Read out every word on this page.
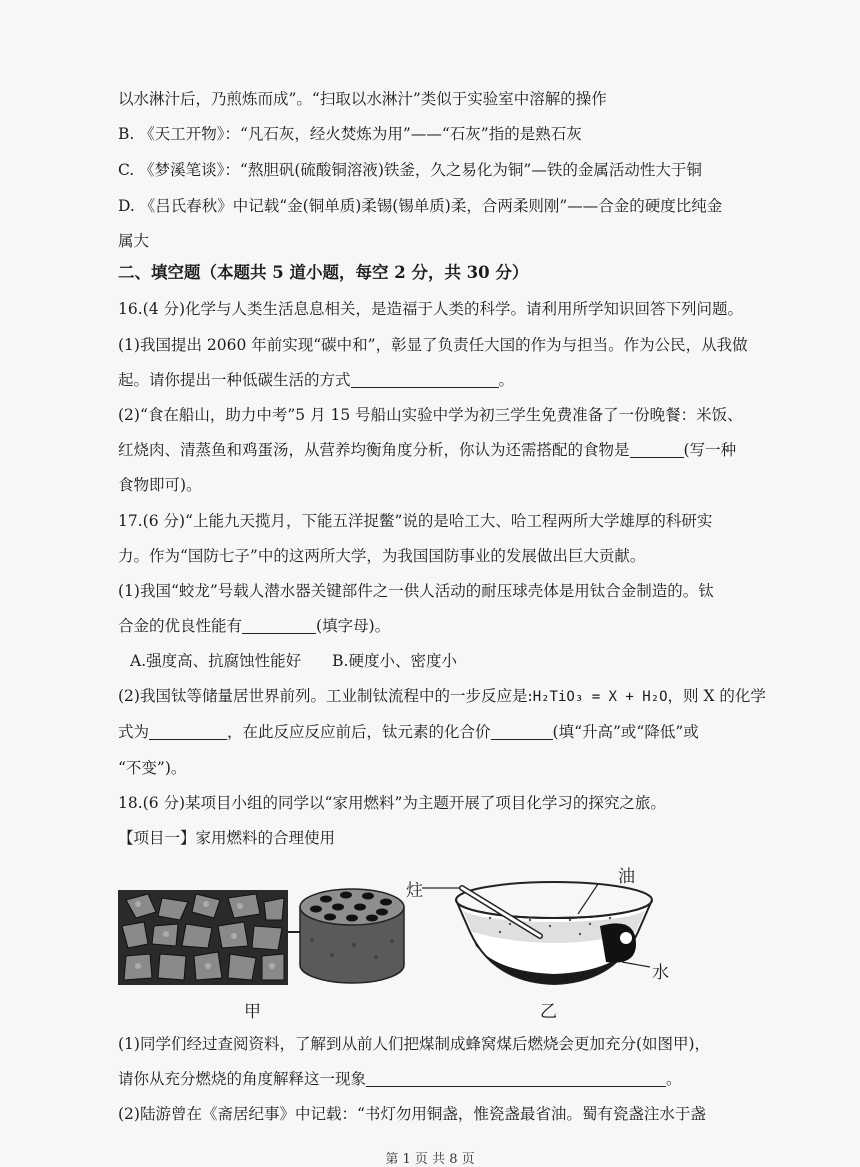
以水淋汁后，乃煎炼而成”。“扫取以水淋汁”类似于实验室中溶解的操作
B. 《天工开物》：“凡石灰，经火焚炼为用”——“石灰”指的是熟石灰
C. 《梦溪笔谈》：“熬胆矾(硫酸铜溶液)铁釜，久之易化为铜”—铁的金属活动性大于铜
D. 《吕氏春秋》中记载“金(铜单质)柔锡(锡单质)柔，合两柔则刚”——合金的硬度比纯金
属大
二、填空题（本题共 5 道小题，每空 2 分，共 30 分）
16.(4 分)化学与人类生活息息相关，是造福于人类的科学。请利用所学知识回答下列问题。
(1)我国提出 2060 年前实现“碳中和”，彰显了负责任大国的作为与担当。作为公民，从我做
起。请你提出一种低碳生活的方式	。
(2)“食在船山，助力中考”5 月 15 号船山实验中学为初三学生免费准备了一份晚餐：米饭、
红烧肉、清蒸鱼和鸡蛋汤，从营养均衡角度分析，你认为还需搭配的食物是	(写一种
食物即可)。
17.(6 分)“上能九天揽月，下能五洋捉鳖”说的是哈工大、哈工程两所大学雄厚的科研实
力。作为“国防七子”中的这两所大学，为我国国防事业的发展做出巨大贡献。
(1)我国“蛟龙”号载人潜水器关键部件之一供人活动的耐压球壳体是用钛合金制造的。钛
合金的优良性能有	(填字母)。
A.强度高、抗腐蚀性能好　　B.硬度小、密度小
(2)我国钛等储量居世界前列。工业制钛流程中的一步反应是:H₂TiO₃ = X + H₂O，则 X 的化学
式为	，在此反应反应前后，钛元素的化合价	(填“升高”或“降低”或
“不变”)。
18.(6 分)某项目小组的同学以“家用燃料”为主题开展了项目化学习的探究之旅。
【项目一】家用燃料的合理使用
炷
油
水
甲	乙
(1)同学们经过查阅资料，了解到从前人们把煤制成蜂窝煤后燃烧会更加充分(如图甲)，
请你从充分燃烧的角度解释这一现象	。
(2)陆游曾在《斋居纪事》中记载：“书灯勿用铜盏，惟瓷盏最省油。蜀有瓷盏注水于盏
第 1 页 共 8 页
